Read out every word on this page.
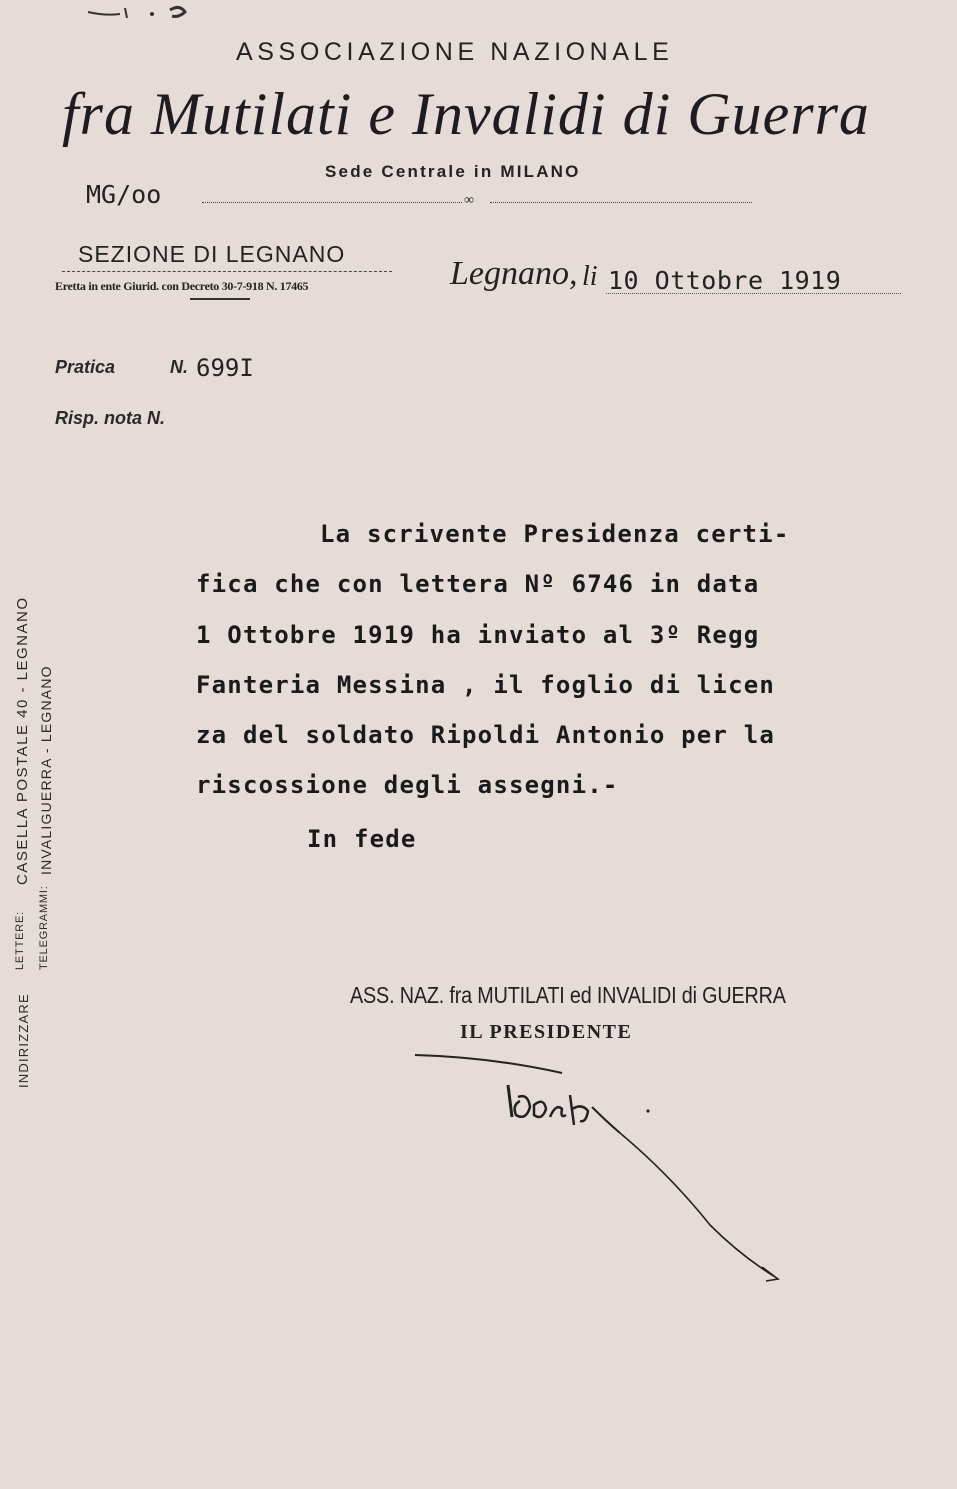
ASSOCIAZIONE NAZIONALE
fra Mutilati e Invalidi di Guerra
Sede Centrale in MILANO
MG/oo	∞
SEZIONE DI LEGNANO
Eretta in ente Giurid. con Decreto 30-7-918 N. 17465	Legnano, li 10 Ottobre 1919
Pratica	N. 699I
Risp. nota N.
La scrivente Presidenza certi-
fica che con lettera Nº 6746 in data
1 Ottobre 1919 ha inviato al 3º Regg
Fanteria Messina , il foglio di licen
za del soldato Ripoldi Antonio per la
riscossione degli assegni.-
In fede
ASS. NAZ. fra MUTILATI ed INVALIDI di GUERRA
IL PRESIDENTE
INDIRIZZARE
LETTERE:
CASELLA POSTALE 40 - LEGNANO
TELEGRAMMI:
INVALIGUERRA - LEGNANO
